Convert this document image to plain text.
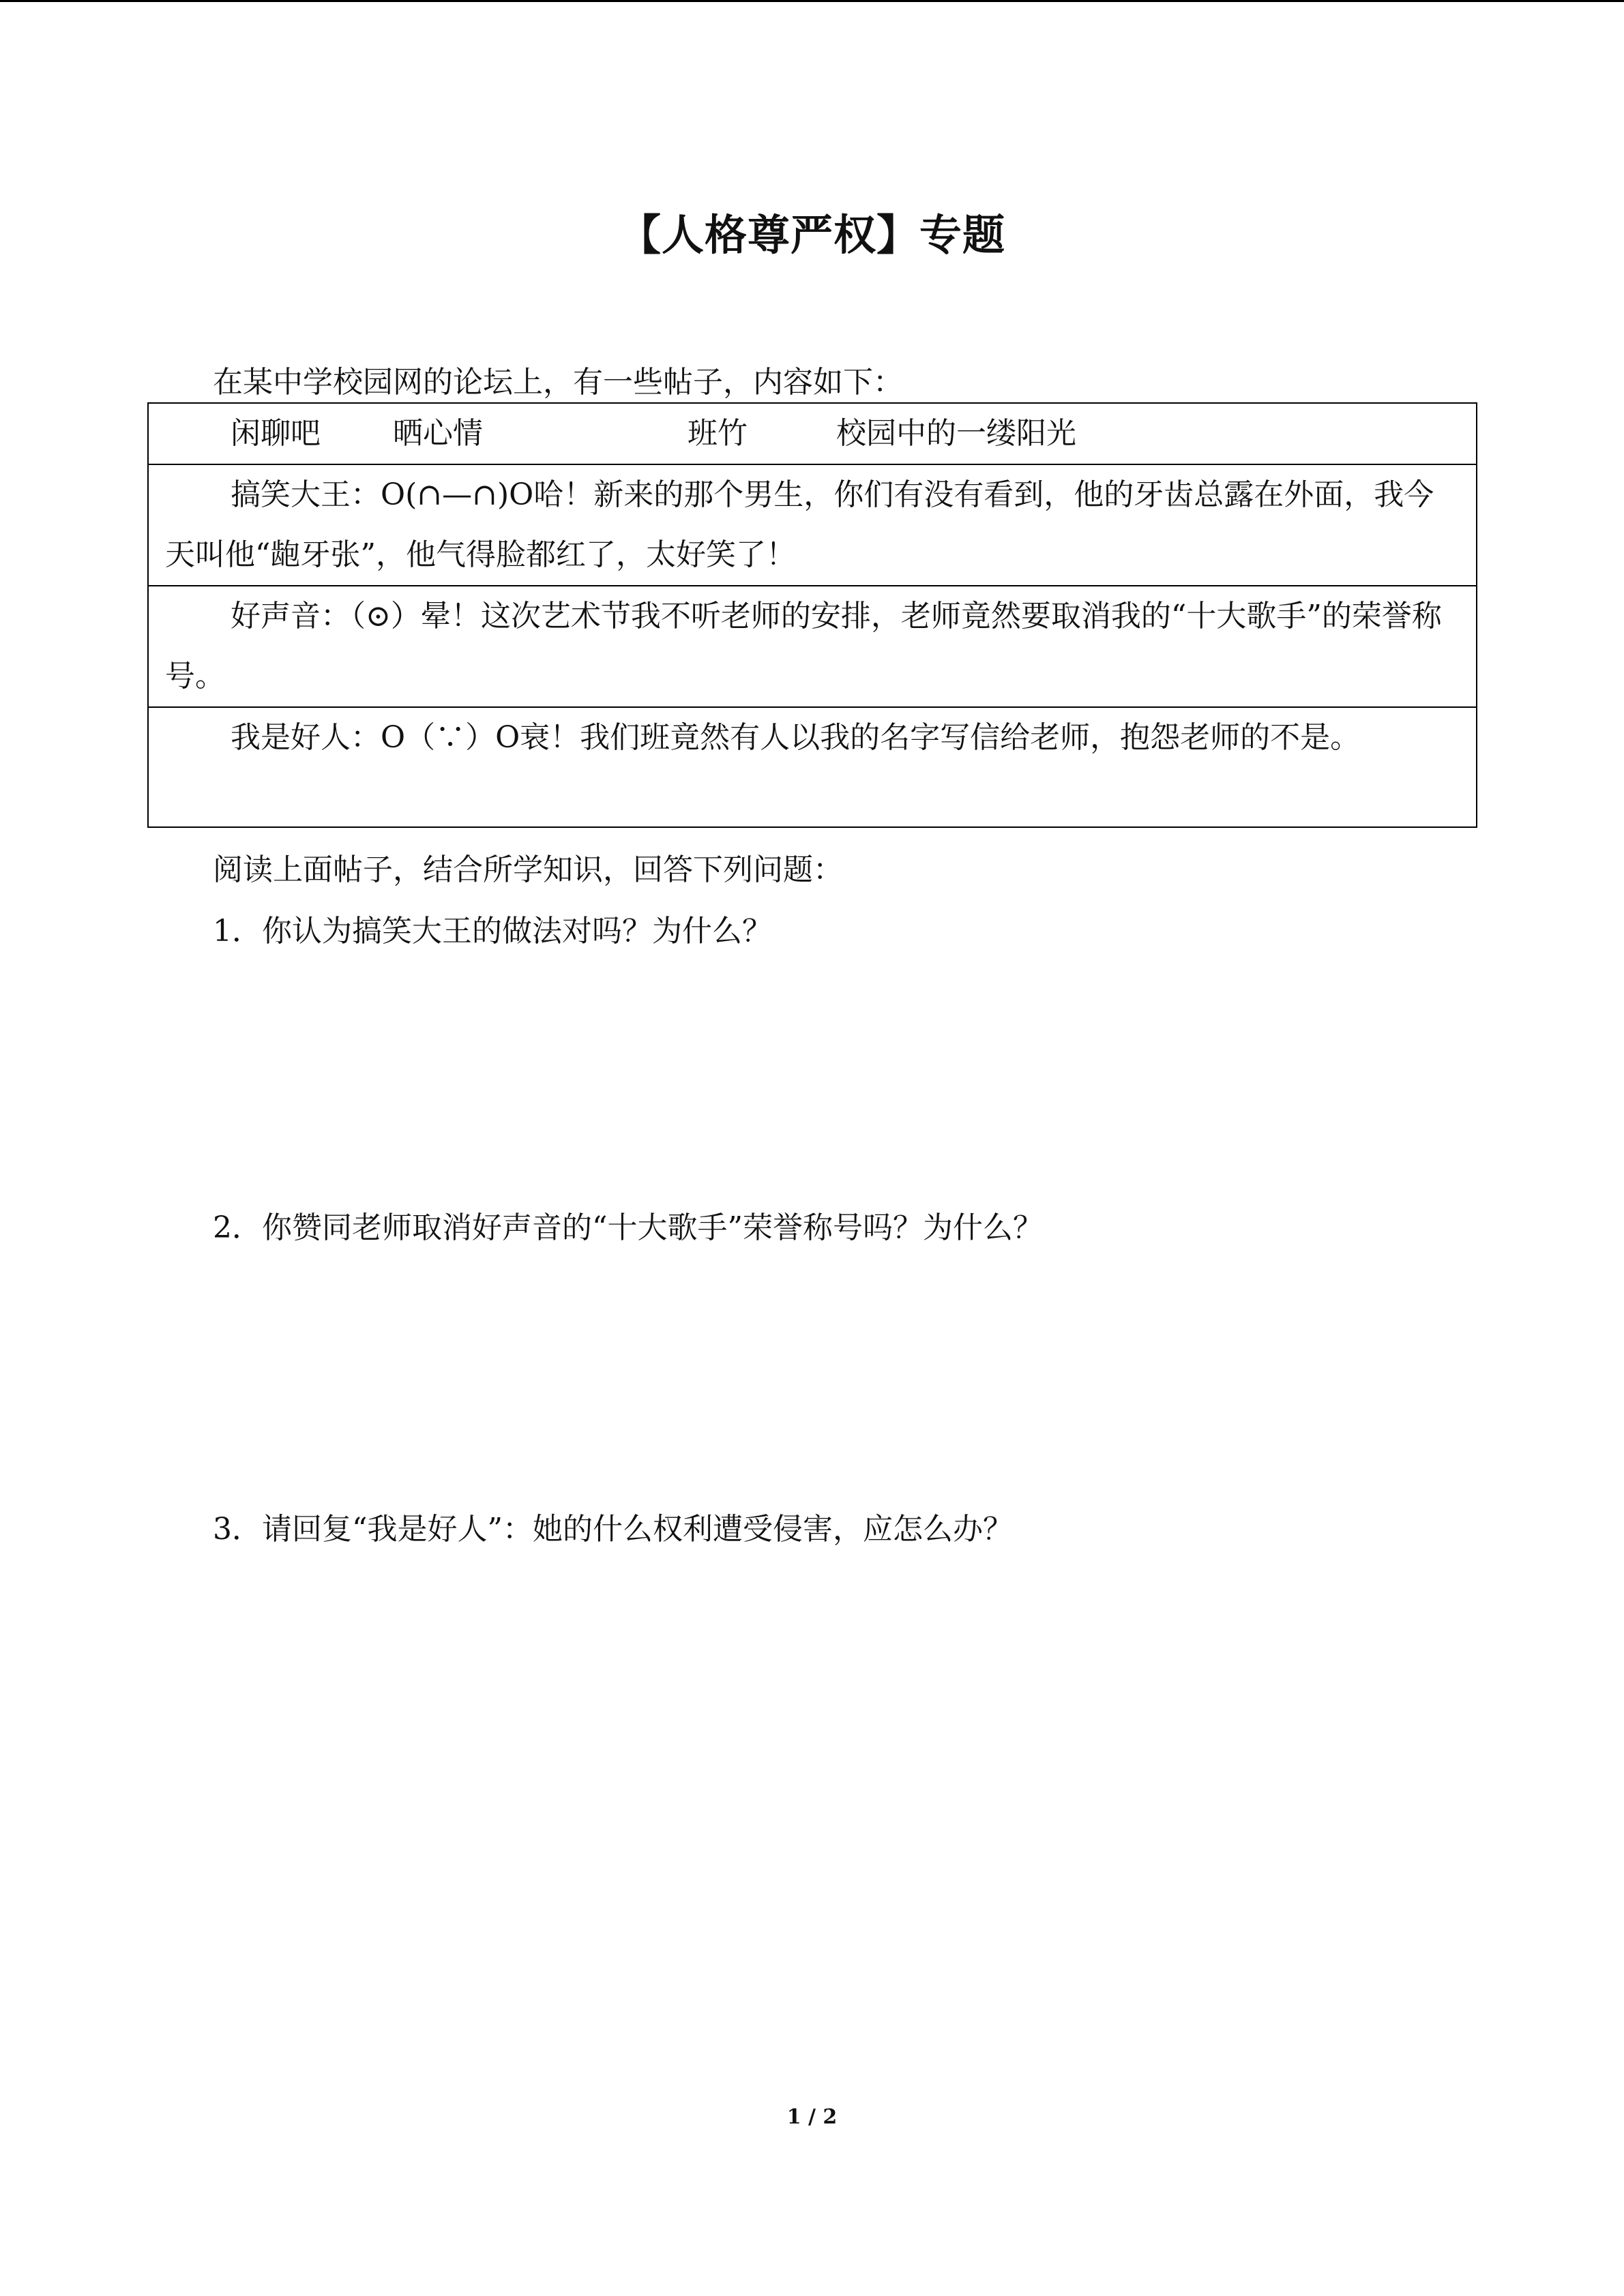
【人格尊严权】专题
在某中学校园网的论坛上，有一些帖子，内容如下：
闲聊吧 晒心情	班竹	校园中的一缕阳光

搞笑大王：O(∩—∩)O哈！新来的那个男生，你们有没有看到，他的牙齿总露在外面，我今天叫他“龅牙张”，他气得脸都红了，太好笑了！

好声音：（⊙）晕！这次艺术节我不听老师的安排，老师竟然要取消我的“十大歌手”的荣誉称号。

我是好人：O（∵）O衰！我们班竟然有人以我的名字写信给老师，抱怨老师的不是。

阅读上面帖子，结合所学知识，回答下列问题：
1．你认为搞笑大王的做法对吗？为什么？
2．你赞同老师取消好声音的“十大歌手”荣誉称号吗？为什么？
3．请回复“我是好人”：她的什么权利遭受侵害，应怎么办？
1 / 2
